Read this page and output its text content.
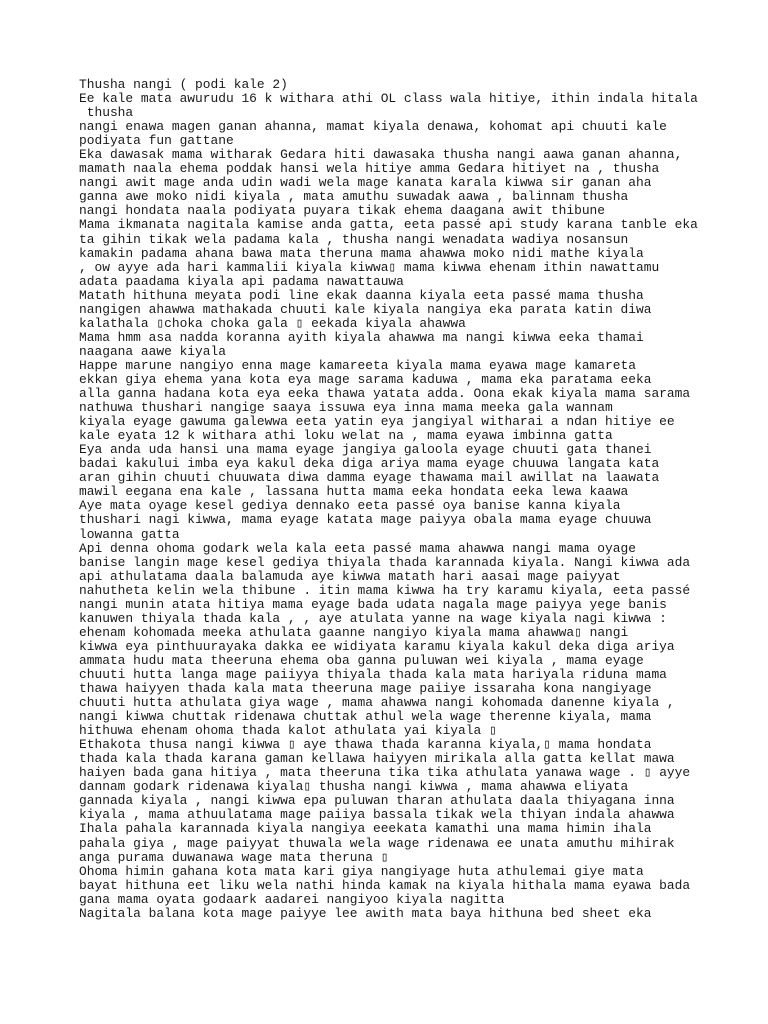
Thusha nangi ( podi kale 2)
Ee kale mata awurudu 16 k withara athi OL class wala hitiye, ithin indala hitala
thusha
nangi enawa magen ganan ahanna, mamat kiyala denawa, kohomat api chuuti kale
podiyata fun gattane
Eka dawasak mama witharak Gedara hiti dawasaka thusha nangi aawa ganan ahanna,
mamath naala ehema poddak hansi wela hitiye amma Gedara hitiyet na , thusha
nangi awit mage anda udin wadi wela mage kanata karala kiwwa sir ganan aha
ganna awe moko nidi kiyala , mata amuthu suwadak aawa , balinnam thusha
nangi hondata naala podiyata puyara tikak ehema daagana awit thibune
Mama ikmanata nagitala kamise anda gatta, eeta passé api study karana tanble eka
ta gihin tikak wela padama kala , thusha nangi wenadata wadiya nosansun
kamakin padama ahana bawa mata theruna mama ahawwa moko nidi mathe kiyala
, ow ayye ada hari kammalii kiyala kiwwa▯ mama kiwwa ehenam ithin nawattamu
adata paadama kiyala api padama nawattauwa
Matath hithuna meyata podi line ekak daanna kiyala eeta passé mama thusha
nangigen ahawwa mathakada chuuti kale kiyala nangiya eka parata katin diwa
kalathala ▯choka choka gala ▯ eekada kiyala ahawwa
Mama hmm asa nadda koranna ayith kiyala ahawwa ma nangi kiwwa eeka thamai
naagana aawe kiyala
Happe marune nangiyo enna mage kamareeta kiyala mama eyawa mage kamareta
ekkan giya ehema yana kota eya mage sarama kaduwa , mama eka paratama eeka
alla ganna hadana kota eya eeka thawa yatata adda. Oona ekak kiyala mama sarama
nathuwa thushari nangige saaya issuwa eya inna mama meeka gala wannam
kiyala eyage gawuma galewwa eeta yatin eya jangiyal witharai a ndan hitiye ee
kale eyata 12 k withara athi loku welat na , mama eyawa imbinna gatta
Eya anda uda hansi una mama eyage jangiya galoola eyage chuuti gata thanei
badai kakului imba eya kakul deka diga ariya mama eyage chuuwa langata kata
aran gihin chuuti chuuwata diwa damma eyage thawama mail awillat na laawata
mawil eegana ena kale , lassana hutta mama eeka hondata eeka lewa kaawa
Aye mata oyage kesel gediya dennako eeta passé oya banise kanna kiyala
thushari nagi kiwwa, mama eyage katata mage paiyya obala mama eyage chuuwa
lowanna gatta
Api denna ohoma godark wela kala eeta passé mama ahawwa nangi mama oyage
banise langin mage kesel gediya thiyala thada karannada kiyala. Nangi kiwwa ada
api athulatama daala balamuda aye kiwwa matath hari aasai mage paiyyat
nahutheta kelin wela thibune . itin mama kiwwa ha try karamu kiyala, eeta passé
nangi munin atata hitiya mama eyage bada udata nagala mage paiyya yege banis
kanuwen thiyala thada kala , , aye atulata yanne na wage kiyala nagi kiwwa :
ehenam kohomada meeka athulata gaanne nangiyo kiyala mama ahawwa▯ nangi
kiwwa eya pinthuurayaka dakka ee widiyata karamu kiyala kakul deka diga ariya
ammata hudu mata theeruna ehema oba ganna puluwan wei kiyala , mama eyage
chuuti hutta langa mage paiiyya thiyala thada kala mata hariyala riduna mama
thawa haiyyen thada kala mata theeruna mage paiiye issaraha kona nangiyage
chuuti hutta athulata giya wage , mama ahawwa nangi kohomada danenne kiyala ,
nangi kiwwa chuttak ridenawa chuttak athul wela wage therenne kiyala, mama
hithuwa ehenam ohoma thada kalot athulata yai kiyala ▯
Ethakota thusa nangi kiwwa ▯ aye thawa thada karanna kiyala,▯ mama hondata
thada kala thada karana gaman kellawa haiyyen mirikala alla gatta kellat mawa
haiyen bada gana hitiya , mata theeruna tika tika athulata yanawa wage . ▯ ayye
dannam godark ridenawa kiyala▯ thusha nangi kiwwa , mama ahawwa eliyata
gannada kiyala , nangi kiwwa epa puluwan tharan athulata daala thiyagana inna
kiyala , mama athuulatama mage paiiya bassala tikak wela thiyan indala ahawwa
Ihala pahala karannada kiyala nangiya eeekata kamathi una mama himin ihala
pahala giya , mage paiyyat thuwala wela wage ridenawa ee unata amuthu mihirak
anga purama duwanawa wage mata theruna ▯
Ohoma himin gahana kota mata kari giya nangiyage huta athulemai giye mata
bayat hithuna eet liku wela nathi hinda kamak na kiyala hithala mama eyawa bada
gana mama oyata godaark aadarei nangiyoo kiyala nagitta
Nagitala balana kota mage paiyye lee awith mata baya hithuna bed sheet eka
